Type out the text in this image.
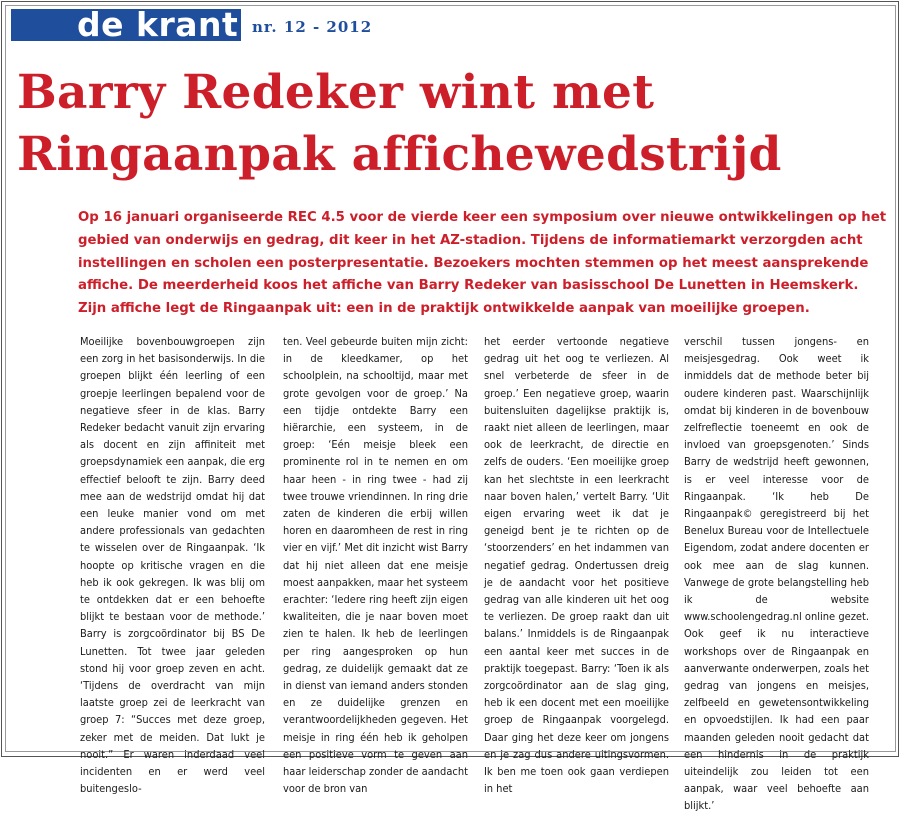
de krant nr. 12 - 2012
Barry Redeker wint met
Ringaanpak affichewedstrijd

Op 16 januari organiseerde REC 4.5 voor de vierde keer een symposium over nieuwe ontwikkelingen op het gebied van onderwijs en gedrag, dit keer in het AZ-stadion. Tijdens de informatiemarkt verzorgden acht instellingen en scholen een posterpresentatie. Bezoekers mochten stemmen op het meest aansprekende affiche. De meerderheid koos het affiche van Barry Redeker van basisschool De Lunetten in Heemskerk. Zijn affiche legt de Ringaanpak uit: een in de praktijk ontwikkelde aanpak van moeilijke groepen.

Moeilijke bovenbouwgroepen zijn een zorg in het basisonderwijs. In die groepen blijkt één leerling of een groepje leerlingen bepalend voor de negatieve sfeer in de klas. Barry Redeker bedacht vanuit zijn ervaring als docent en zijn affiniteit met groepsdynamiek een aanpak, die erg effectief belooft te zijn. Barry deed mee aan de wedstrijd omdat hij dat een leuke manier vond om met andere professionals van gedachten te wisselen over de Ringaanpak. ‘Ik hoopte op kritische vragen en die heb ik ook gekregen. Ik was blij om te ontdekken dat er een behoefte blijkt te bestaan voor de methode.’ Barry is zorgcoördinator bij BS De Lunetten. Tot twee jaar geleden stond hij voor groep zeven en acht. ‘Tijdens de overdracht van mijn laatste groep zei de leerkracht van groep 7: “Succes met deze groep, zeker met de meiden. Dat lukt je nooit.” Er waren inderdaad veel incidenten en er werd veel buitengeslo-

ten. Veel gebeurde buiten mijn zicht: in de kleedkamer, op het schoolplein, na schooltijd, maar met grote gevolgen voor de groep.’ Na een tijdje ontdekte Barry een hiërarchie, een systeem, in de groep: ‘Eén meisje bleek een prominente rol in te nemen en om haar heen - in ring twee - had zij twee trouwe vriendinnen. In ring drie zaten de kinderen die erbij willen horen en daaromheen de rest in ring vier en vijf.’ Met dit inzicht wist Barry dat hij niet alleen dat ene meisje moest aanpakken, maar het systeem erachter: ‘Iedere ring heeft zijn eigen kwaliteiten, die je naar boven moet zien te halen. Ik heb de leerlingen per ring aangesproken op hun gedrag, ze duidelijk gemaakt dat ze in dienst van iemand anders stonden en ze duidelijke grenzen en verantwoordelijkheden gegeven. Het meisje in ring één heb ik geholpen een positieve vorm te geven aan haar leiderschap zonder de aandacht voor de bron van

het eerder vertoonde negatieve gedrag uit het oog te verliezen. Al snel verbeterde de sfeer in de groep.’ Een negatieve groep, waarin buitensluiten dagelijkse praktijk is, raakt niet alleen de leerlingen, maar ook de leerkracht, de directie en zelfs de ouders. ‘Een moeilijke groep kan het slechtste in een leerkracht naar boven halen,’ vertelt Barry. ‘Uit eigen ervaring weet ik dat je geneigd bent je te richten op de ‘stoorzenders’ en het indammen van negatief gedrag. Ondertussen dreig je de aandacht voor het positieve gedrag van alle kinderen uit het oog te verliezen. De groep raakt dan uit balans.’ Inmiddels is de Ringaanpak een aantal keer met succes in de praktijk toegepast. Barry: ‘Toen ik als zorgcoördinator aan de slag ging, heb ik een docent met een moeilijke groep de Ringaanpak voorgelegd. Daar ging het deze keer om jongens en je zag dus andere uitingsvormen. Ik ben me toen ook gaan verdiepen in het

verschil tussen jongens- en meisjesgedrag. Ook weet ik inmiddels dat de methode beter bij oudere kinderen past. Waarschijnlijk omdat bij kinderen in de bovenbouw zelfreflectie toeneemt en ook de invloed van groepsgenoten.’ Sinds Barry de wedstrijd heeft gewonnen, is er veel interesse voor de Ringaanpak. ‘Ik heb De Ringaanpak© geregistreerd bij het Benelux Bureau voor de Intellectuele Eigendom, zodat andere docenten er ook mee aan de slag kunnen. Vanwege de grote belangstelling heb ik de website www.schoolengedrag.nl online gezet. Ook geef ik nu interactieve workshops over de Ringaanpak en aanverwante onderwerpen, zoals het gedrag van jongens en meisjes, zelfbeeld en gewetensontwikkeling en opvoedstijlen. Ik had een paar maanden geleden nooit gedacht dat een hindernis in de praktijk uiteindelijk zou leiden tot een aanpak, waar veel behoefte aan blijkt.’
